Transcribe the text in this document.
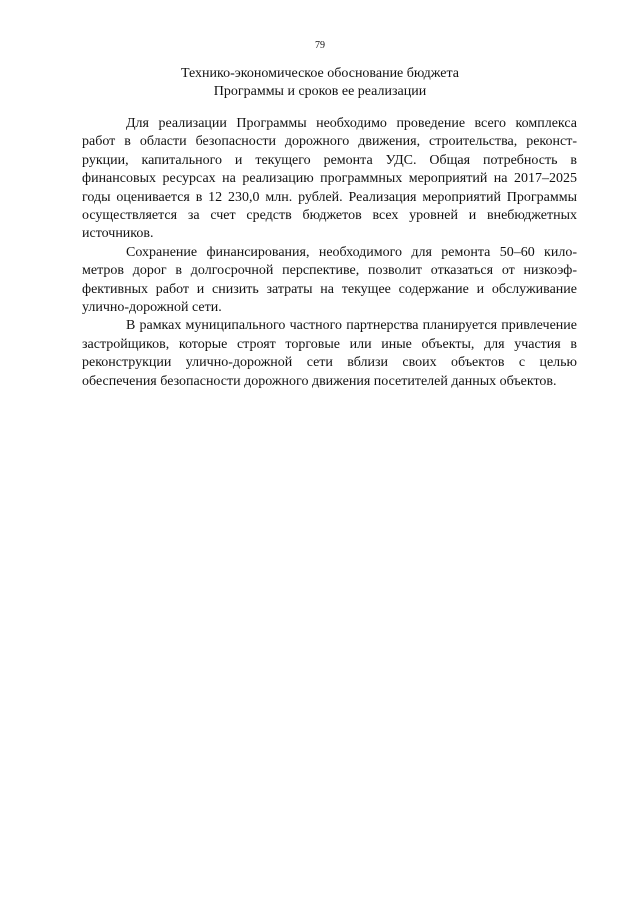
79
Технико-экономическое обоснование бюджета
Программы и сроков ее реализации

Для реализации Программы необходимо проведение всего комплекса работ в области безопасности дорожного движения, строительства, реконструкции, капитального и текущего ремонта УДС. Общая потребность в финансовых ресурсах на реализацию программных мероприятий на 2017–2025 годы оценивается в 12 230,0 млн. рублей. Реализация мероприятий Программы осуществляется за счет средств бюджетов всех уровней и внебюджетных источников.

Сохранение финансирования, необходимого для ремонта 50–60 километров дорог в долгосрочной перспективе, позволит отказаться от низкоэффективных работ и снизить затраты на текущее содержание и обслуживание улично-дорожной сети.

В рамках муниципального частного партнерства планируется привлечение застройщиков, которые строят торговые или иные объекты, для участия в реконструкции улично-дорожной сети вблизи своих объектов с целью обеспечения безопасности дорожного движения посетителей данных объектов.
